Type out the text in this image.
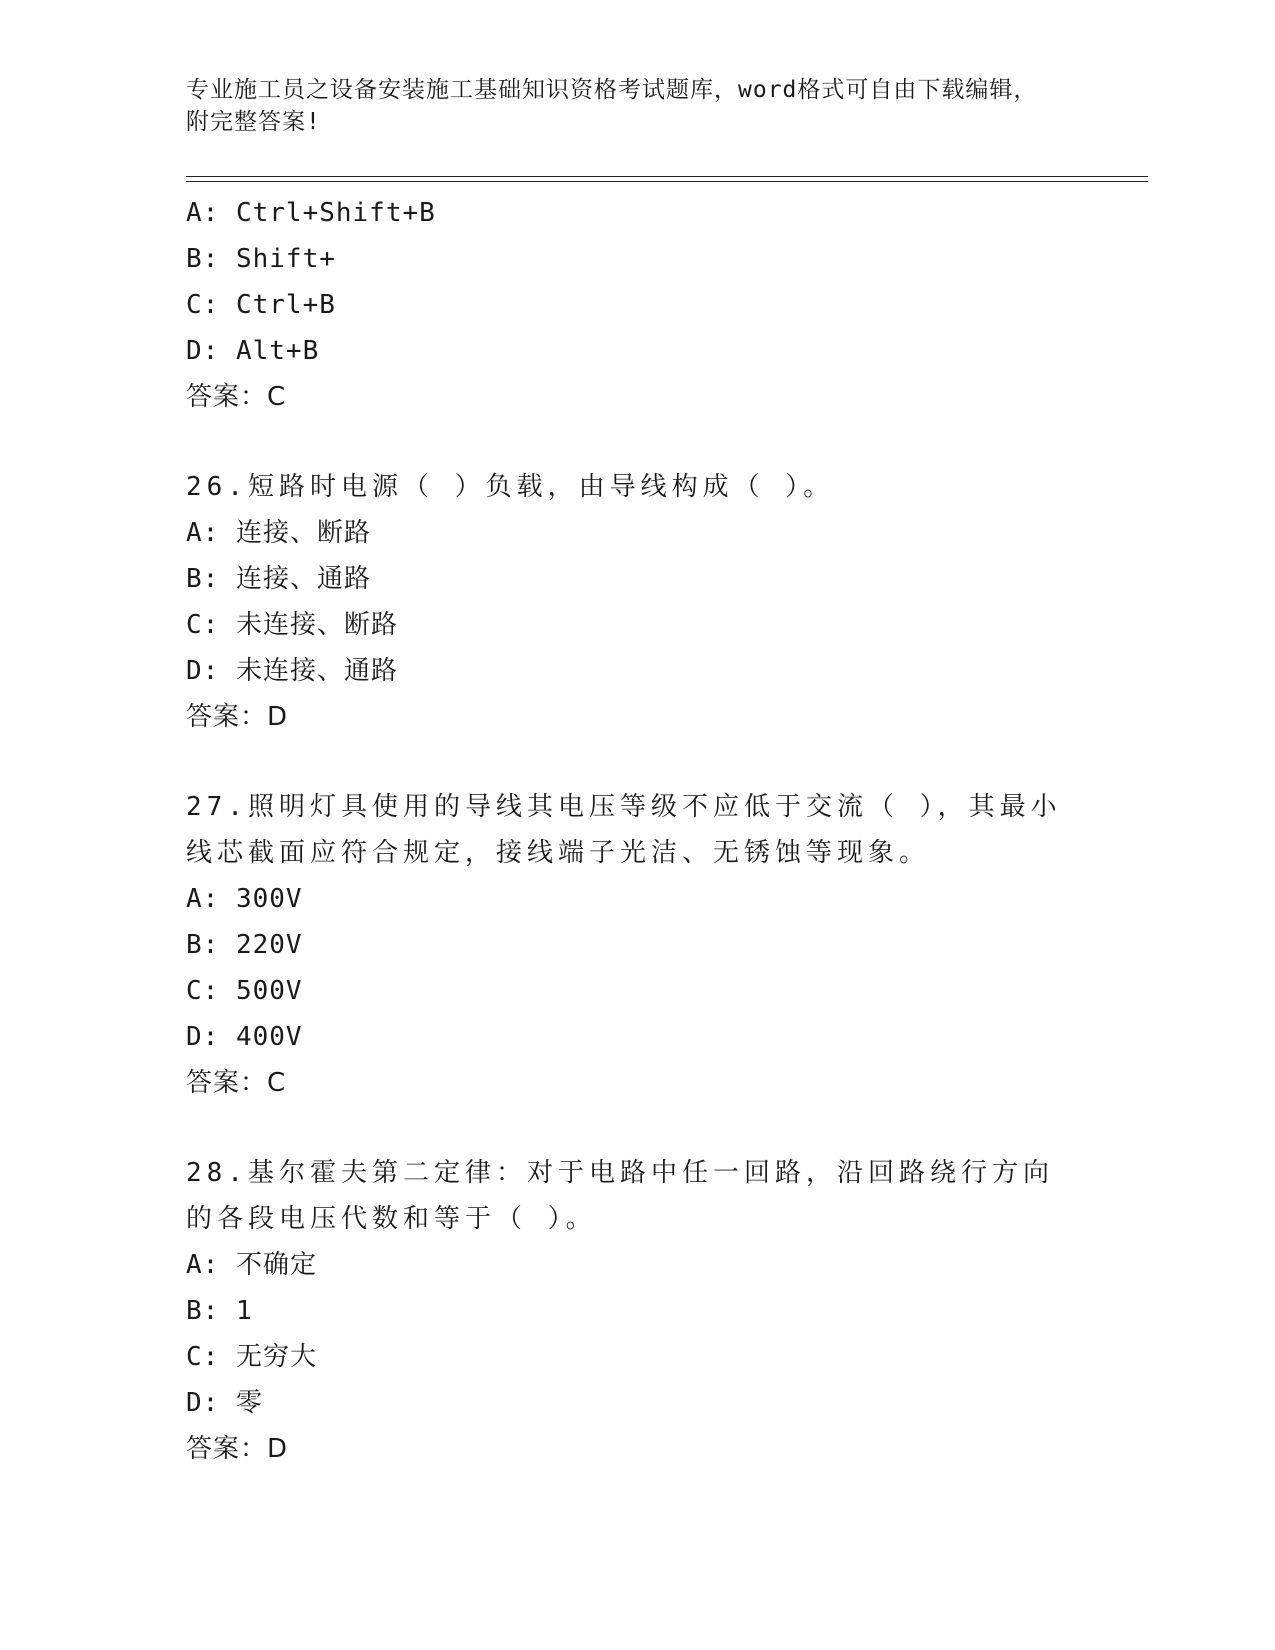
专业施工员之设备安装施工基础知识资格考试题库，word格式可自由下载编辑，
附完整答案!
A: Ctrl+Shift+B
B: Shift+
C: Ctrl+B
D: Alt+B
答案：C
26.短路时电源（ ）负载，由导线构成（ ）。
A: 连接、断路
B: 连接、通路
C: 未连接、断路
D: 未连接、通路
答案：D
27.照明灯具使用的导线其电压等级不应低于交流（ ），其最小线芯截面应符合规定，接线端子光洁、无锈蚀等现象。
A: 300V
B: 220V
C: 500V
D: 400V
答案：C
28.基尔霍夫第二定律：对于电路中任一回路，沿回路绕行方向的各段电压代数和等于（ ）。
A: 不确定
B: 1
C: 无穷大
D: 零
答案：D
